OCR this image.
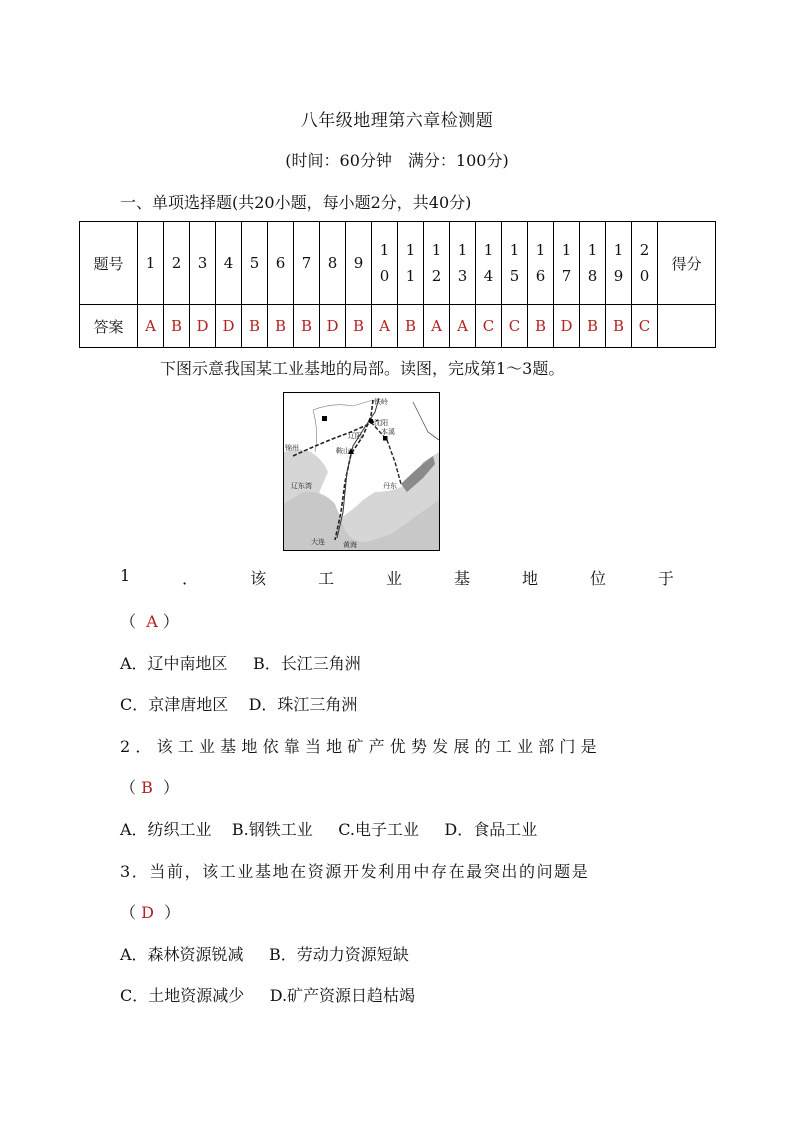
八年级地理第六章检测题
(时间：60分钟　满分：100分)
一、单项选择题(共20小题，每小题2分，共40分)
题号	1	2	3	4	5	6	7	8	9	10	11	12	13	14	15	16	17	18	19	20	得分
答案	A	B	D	D	B	B	B	D	B	A	B	A	A	C	C	B	D	B	B	C	
下图示意我国某工业基地的局部。读图，完成第1～3题。
铁岭
沈阳
本溪
锦州
辽阳
鞍山
辽东湾	丹东
大连	黄海
1	．	该	工	业	基	地	位	于
（ A ）
A．辽中南地区 B．长江三角洲
C．京津唐地区 D．珠江三角洲
2．该工业基地依靠当地矿产优势发展的工业部门是
（ B ）
A．纺织工业 B.钢铁工业 C.电子工业 D．食品工业
3．当前，该工业基地在资源开发利用中存在最突出的问题是
（ D ）
A．森林资源锐减 B．劳动力资源短缺
C．土地资源减少 D.矿产资源日趋枯竭
